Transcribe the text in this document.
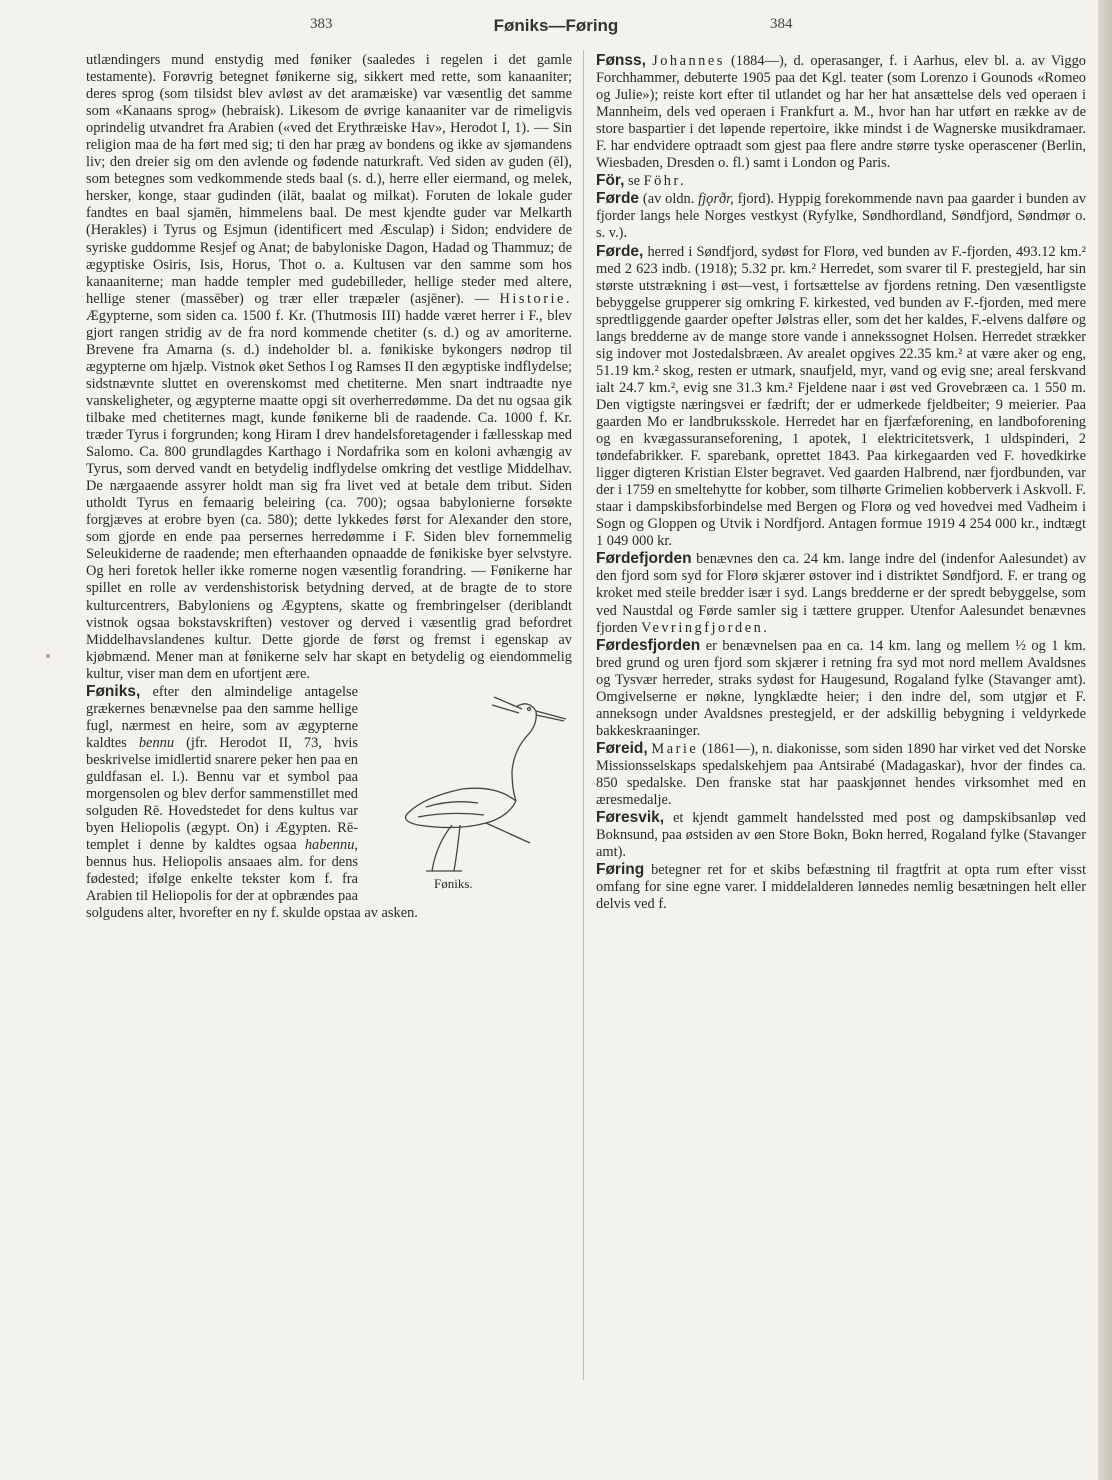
383	Føniks—Føring	384

utlændingers mund enstydig med føniker (saaledes i regelen i det gamle testamente). Forøvrig betegnet fønikerne sig, sikkert med rette, som kanaaniter; deres sprog (som tilsidst blev avløst av det aramæiske) var væsentlig det samme som «Kanaans sprog» (hebraisk). Likesom de øvrige kanaaniter var de rimeligvis oprindelig utvandret fra Arabien («ved det Erythræiske Hav», Herodot I, 1). — Sin religion maa de ha ført med sig; ti den har præg av bondens og ikke av sjømandens liv; den dreier sig om den avlende og fødende naturkraft. Ved siden av guden (ēl), som betegnes som vedkommende steds baal (s. d.), herre eller eiermand, og melek, hersker, konge, staar gudinden (ilāt, baalat og milkat). Foruten de lokale guder fandtes en baal sjamēn, himmelens baal. De mest kjendte guder var Melkarth (Herakles) i Tyrus og Esjmun (identificert med Æsculap) i Sidon; endvidere de syriske guddomme Resjef og Anat; de babyloniske Dagon, Hadad og Thammuz; de ægyptiske Osiris, Isis, Horus, Thot o. a. Kultusen var den samme som hos kanaaniterne; man hadde templer med gudebilleder, hellige steder med altere, hellige stener (massēber) og trær eller træpæler (asjēner). — Historie. Ægypterne, som siden ca. 1500 f. Kr. (Thutmosis III) hadde været herrer i F., blev gjort rangen stridig av de fra nord kommende chetiter (s. d.) og av amoriterne. Brevene fra Amarna (s. d.) indeholder bl. a. fønikiske bykongers nødrop til ægypterne om hjælp. Vistnok øket Sethos I og Ramses II den ægyptiske indflydelse; sidstnævnte sluttet en overenskomst med chetiterne. Men snart indtraadte nye vanskeligheter, og ægypterne maatte opgi sit overherredømme. Da det nu ogsaa gik tilbake med chetiternes magt, kunde fønikerne bli de raadende. Ca. 1000 f. Kr. træder Tyrus i forgrunden; kong Hiram I drev handelsforetagender i fællesskap med Salomo. Ca. 800 grundlagdes Karthago i Nordafrika som en koloni avhængig av Tyrus, som derved vandt en betydelig indflydelse omkring det vestlige Middelhav. De nærgaaende assyrer holdt man sig fra livet ved at betale dem tribut. Siden utholdt Tyrus en femaarig beleiring (ca. 700); ogsaa babylonierne forsøkte forgjæves at erobre byen (ca. 580); dette lykkedes først for Alexander den store, som gjorde en ende paa persernes herredømme i F. Siden blev fornemmelig Seleukiderne de raadende; men efterhaanden opnaadde de fønikiske byer selvstyre. Og heri foretok heller ikke romerne nogen væsentlig forandring. — Fønikerne har spillet en rolle av verdenshistorisk betydning derved, at de bragte de to store kulturcentrers, Babyloniens og Ægyptens, skatte og frembringelser (deriblandt vistnok ogsaa bokstavskriften) vestover og derved i væsentlig grad befordret Middelhavslandenes kultur. Dette gjorde de først og fremst i egenskap av kjøbmænd. Mener man at fønikerne selv har skapt en betydelig og eiendommelig kultur, viser man dem en ufortjent ære.

Føniks.
Føniks, efter den almindelige antagelse grækernes benævnelse paa den samme hellige fugl, nærmest en heire, som av ægypterne kaldtes bennu (jfr. Herodot II, 73, hvis beskrivelse imidlertid snarere peker hen paa en guldfasan el. l.). Bennu var et symbol paa morgensolen og blev derfor sammenstillet med solguden Rē. Hovedstedet for dens kultus var byen Heliopolis (ægypt. On) i Ægypten. Rē-templet i denne by kaldtes ogsaa habennu, bennus hus. Heliopolis ansaaes alm. for dens fødested; ifølge enkelte tekster kom f. fra Arabien til Heliopolis for der at opbrændes paa solgudens alter, hvorefter en ny f. skulde opstaa av asken.

Fønss, Johannes (1884—), d. operasanger, f. i Aarhus, elev bl. a. av Viggo Forchhammer, debuterte 1905 paa det Kgl. teater (som Lorenzo i Gounods «Romeo og Julie»); reiste kort efter til utlandet og har her hat ansættelse dels ved operaen i Mannheim, dels ved operaen i Frankfurt a. M., hvor han har utført en række av de store baspartier i det løpende repertoire, ikke mindst i de Wagnerske musikdramaer. F. har endvidere optraadt som gjest paa flere andre større tyske operascener (Berlin, Wiesbaden, Dresden o. fl.) samt i London og Paris.

För, se Föhr.

Førde (av oldn. fjǫrðr, fjord). Hyppig forekommende navn paa gaarder i bunden av fjorder langs hele Norges vestkyst (Ryfylke, Søndhordland, Søndfjord, Søndmør o. s. v.).

Førde, herred i Søndfjord, sydøst for Florø, ved bunden av F.-fjorden, 493.12 km.² med 2 623 indb. (1918); 5.32 pr. km.² Herredet, som svarer til F. prestegjeld, har sin største utstrækning i øst—vest, i fortsættelse av fjordens retning. Den væsentligste bebyggelse grupperer sig omkring F. kirkested, ved bunden av F.-fjorden, med mere spredtliggende gaarder opefter Jølstras eller, som det her kaldes, F.-elvens dalføre og langs bredderne av de mange store vande i annekssognet Holsen. Herredet strækker sig indover mot Jostedalsbræen. Av arealet opgives 22.35 km.² at være aker og eng, 51.19 km.² skog, resten er utmark, snaufjeld, myr, vand og evig sne; areal ferskvand ialt 24.7 km.², evig sne 31.3 km.² Fjeldene naar i øst ved Grovebræen ca. 1 550 m. Den vigtigste næringsvei er fædrift; der er udmerkede fjeldbeiter; 9 meierier. Paa gaarden Mo er landbruksskole. Herredet har en fjærfæforening, en landboforening og en kvægassuranseforening, 1 apotek, 1 elektricitetsverk, 1 uldspinderi, 2 tøndefabrikker. F. sparebank, oprettet 1843. Paa kirkegaarden ved F. hovedkirke ligger digteren Kristian Elster begravet. Ved gaarden Halbrend, nær fjordbunden, var der i 1759 en smeltehytte for kobber, som tilhørte Grimelien kobberverk i Askvoll. F. staar i dampskibsforbindelse med Bergen og Florø og ved hovedvei med Vadheim i Sogn og Gloppen og Utvik i Nordfjord. Antagen formue 1919 4 254 000 kr., indtægt 1 049 000 kr.

Førdefjorden benævnes den ca. 24 km. lange indre del (indenfor Aalesundet) av den fjord som syd for Florø skjærer østover ind i distriktet Søndfjord. F. er trang og kroket med steile bredder især i syd. Langs bredderne er der spredt bebyggelse, som ved Naustdal og Førde samler sig i tættere grupper. Utenfor Aalesundet benævnes fjorden Vevringfjorden.

Førdesfjorden er benævnelsen paa en ca. 14 km. lang og mellem ½ og 1 km. bred grund og uren fjord som skjærer i retning fra syd mot nord mellem Avaldsnes og Tysvær herreder, straks sydøst for Haugesund, Rogaland fylke (Stavanger amt). Omgivelserne er nøkne, lyngklædte heier; i den indre del, som utgjør et F. anneksogn under Avaldsnes prestegjeld, er der adskillig bebygning i veldyrkede bakkeskraaninger.

Føreid, Marie (1861—), n. diakonisse, som siden 1890 har virket ved det Norske Missionsselskaps spedalskehjem paa Antsirabé (Madagaskar), hvor der findes ca. 850 spedalske. Den franske stat har paaskjønnet hendes virksomhet med en æresmedalje.

Føresvik, et kjendt gammelt handelssted med post og dampskibsanløp ved Boknsund, paa østsiden av øen Store Bokn, Bokn herred, Rogaland fylke (Stavanger amt).

Føring betegner ret for et skibs befæstning til fragtfrit at opta rum efter visst omfang for sine egne varer. I middelalderen lønnedes nemlig besætningen helt eller delvis ved f.
